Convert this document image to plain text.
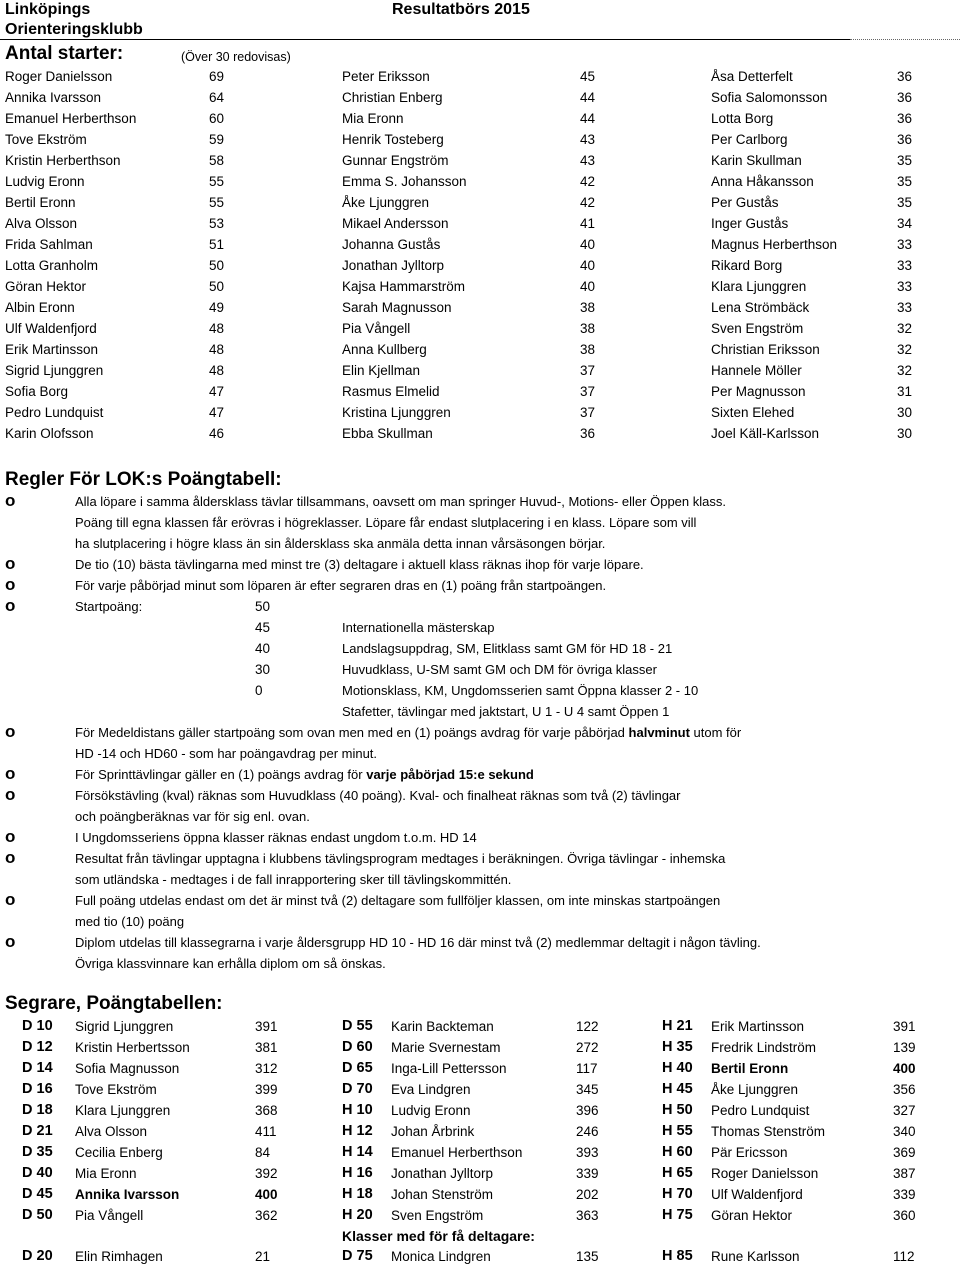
Linköpings
Orienteringsklubb
Resultatbörs 2015
Antal starter:	(Över 30 redovisas)
Roger Danielsson	69
Annika Ivarsson	64
Emanuel Herberthson	60
Tove Ekström	59
Kristin Herberthson	58
Ludvig Eronn	55
Bertil Eronn	55
Alva Olsson	53
Frida Sahlman	51
Lotta Granholm	50
Göran Hektor	50
Albin Eronn	49
Ulf Waldenfjord	48
Erik Martinsson	48
Sigrid Ljunggren	48
Sofia Borg	47
Pedro Lundquist	47
Karin Olofsson	46
Peter Eriksson	45
Christian Enberg	44
Mia Eronn	44
Henrik Tosteberg	43
Gunnar Engström	43
Emma S. Johansson	42
Åke Ljunggren	42
Mikael Andersson	41
Johanna Gustås	40
Jonathan Jylltorp	40
Kajsa Hammarström	40
Sarah Magnusson	38
Pia Vångell	38
Anna Kullberg	38
Elin Kjellman	37
Rasmus Elmelid	37
Kristina Ljunggren	37
Ebba Skullman	36
Åsa Detterfelt	36
Sofia Salomonsson	36
Lotta Borg	36
Per Carlborg	36
Karin Skullman	35
Anna Håkansson	35
Per Gustås	35
Inger Gustås	34
Magnus Herberthson	33
Rikard Borg	33
Klara Ljunggren	33
Lena Strömbäck	33
Sven Engström	32
Christian Eriksson	32
Hannele Möller	32
Per Magnusson	31
Sixten Elehed	30
Joel Käll-Karlsson	30
Regler För LOK:s Poängtabell:
o	Alla löpare i samma åldersklass tävlar tillsammans, oavsett om man springer Huvud-, Motions- eller Öppen klass.
Poäng till egna klassen får erövras i högreklasser. Löpare får endast slutplacering i en klass. Löpare som vill
ha slutplacering i högre klass än sin åldersklass ska anmäla detta innan vårsäsongen börjar.
o	De tio (10) bästa tävlingarna med minst tre (3) deltagare i aktuell klass räknas ihop för varje löpare.
o	För varje påbörjad minut som löparen är efter segraren dras en (1) poäng från startpoängen.
o	Startpoäng:	50
45	Internationella mästerskap
40	Landslagsuppdrag, SM, Elitklass samt GM för HD 18 - 21
30	Huvudklass, U-SM samt GM och DM för övriga klasser
0	Motionsklass, KM, Ungdomsserien samt Öppna klasser 2 - 10
Stafetter, tävlingar med jaktstart, U 1 - U 4 samt Öppen 1
o	För Medeldistans gäller startpoäng som ovan men med en (1) poängs avdrag för varje påbörjad halvminut utom för
HD -14 och HD60 - som har poängavdrag per minut.
o	För Sprinttävlingar gäller en (1) poängs avdrag för varje påbörjad 15:e sekund
o	Försökstävling (kval) räknas som Huvudklass (40 poäng). Kval- och finalheat räknas som två (2) tävlingar
och poängberäknas var för sig enl. ovan.
o	I Ungdomsseriens öppna klasser räknas endast ungdom t.o.m. HD 14
o	Resultat från tävlingar upptagna i klubbens tävlingsprogram medtages i beräkningen. Övriga tävlingar - inhemska
som utländska - medtages i de fall inrapportering sker till tävlingskommittén.
o	Full poäng utdelas endast om det är minst två (2) deltagare som fullföljer klassen, om inte minskas startpoängen
med tio (10) poäng
o	Diplom utdelas till klassegrarna i varje åldersgrupp HD 10 - HD 16 där minst två (2) medlemmar deltagit i någon tävling.
Övriga klassvinnare kan erhålla diplom om så önskas.
Segrare, Poängtabellen:
D 10 Sigrid Ljunggren	391
D 12 Kristin Herbertsson	381
D 14 Sofia Magnusson	312
D 16 Tove Ekström	399
D 18 Klara Ljunggren	368
D 21 Alva Olsson	411
D 35 Cecilia Enberg	84
D 40 Mia Eronn	392
D 45 Annika Ivarsson	400
D 50 Pia Vångell	362
D 55 Karin Backteman	122
D 60 Marie Svernestam	272
D 65 Inga-Lill Pettersson	117
D 70 Eva Lindgren	345
H 10 Ludvig Eronn	396
H 12 Johan Årbrink	246
H 14 Emanuel Herberthson	393
H 16 Jonathan Jylltorp	339
H 18 Johan Stenström	202
H 20 Sven Engström	363
H 21 Erik Martinsson	391
H 35 Fredrik Lindström	139
H 40 Bertil Eronn	400
H 45 Åke Ljunggren	356
H 50 Pedro Lundquist	327
H 55 Thomas Stenström	340
H 60 Pär Ericsson	369
H 65 Roger Danielsson	387
H 70 Ulf Waldenfjord	339
H 75 Göran Hektor	360
Klasser med för få deltagare:
D 20 Elin Rimhagen	21	D 75 Monica Lindgren	135	H 85 Rune Karlsson	112
